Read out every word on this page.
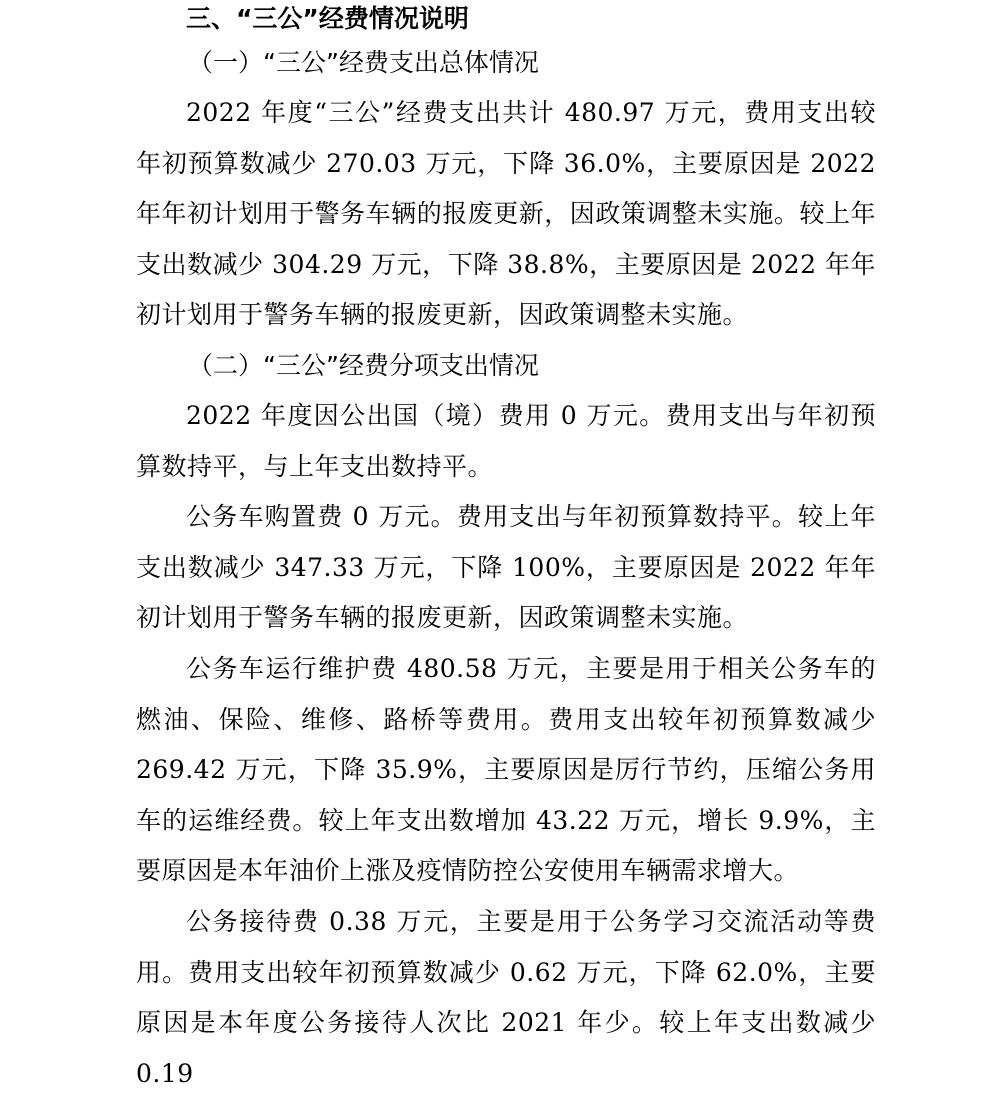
三、“三公”经费情况说明
（一）“三公”经费支出总体情况

2022 年度“三公”经费支出共计 480.97 万元，费用支出较年初预算数减少 270.03 万元，下降 36.0%，主要原因是 2022 年年初计划用于警务车辆的报废更新，因政策调整未实施。较上年支出数减少 304.29 万元，下降 38.8%，主要原因是 2022 年年初计划用于警务车辆的报废更新，因政策调整未实施。

（二）“三公”经费分项支出情况

2022 年度因公出国（境）费用 0 万元。费用支出与年初预算数持平，与上年支出数持平。

公务车购置费 0 万元。费用支出与年初预算数持平。较上年支出数减少 347.33 万元，下降 100%，主要原因是 2022 年年初计划用于警务车辆的报废更新，因政策调整未实施。

公务车运行维护费 480.58 万元，主要是用于相关公务车的燃油、保险、维修、路桥等费用。费用支出较年初预算数减少 269.42 万元，下降 35.9%，主要原因是厉行节约，压缩公务用车的运维经费。较上年支出数增加 43.22 万元，增长 9.9%，主要原因是本年油价上涨及疫情防控公安使用车辆需求增大。

公务接待费 0.38 万元，主要是用于公务学习交流活动等费用。费用支出较年初预算数减少 0.62 万元，下降 62.0%，主要原因是本年度公务接待人次比 2021 年少。较上年支出数减少 0.19
